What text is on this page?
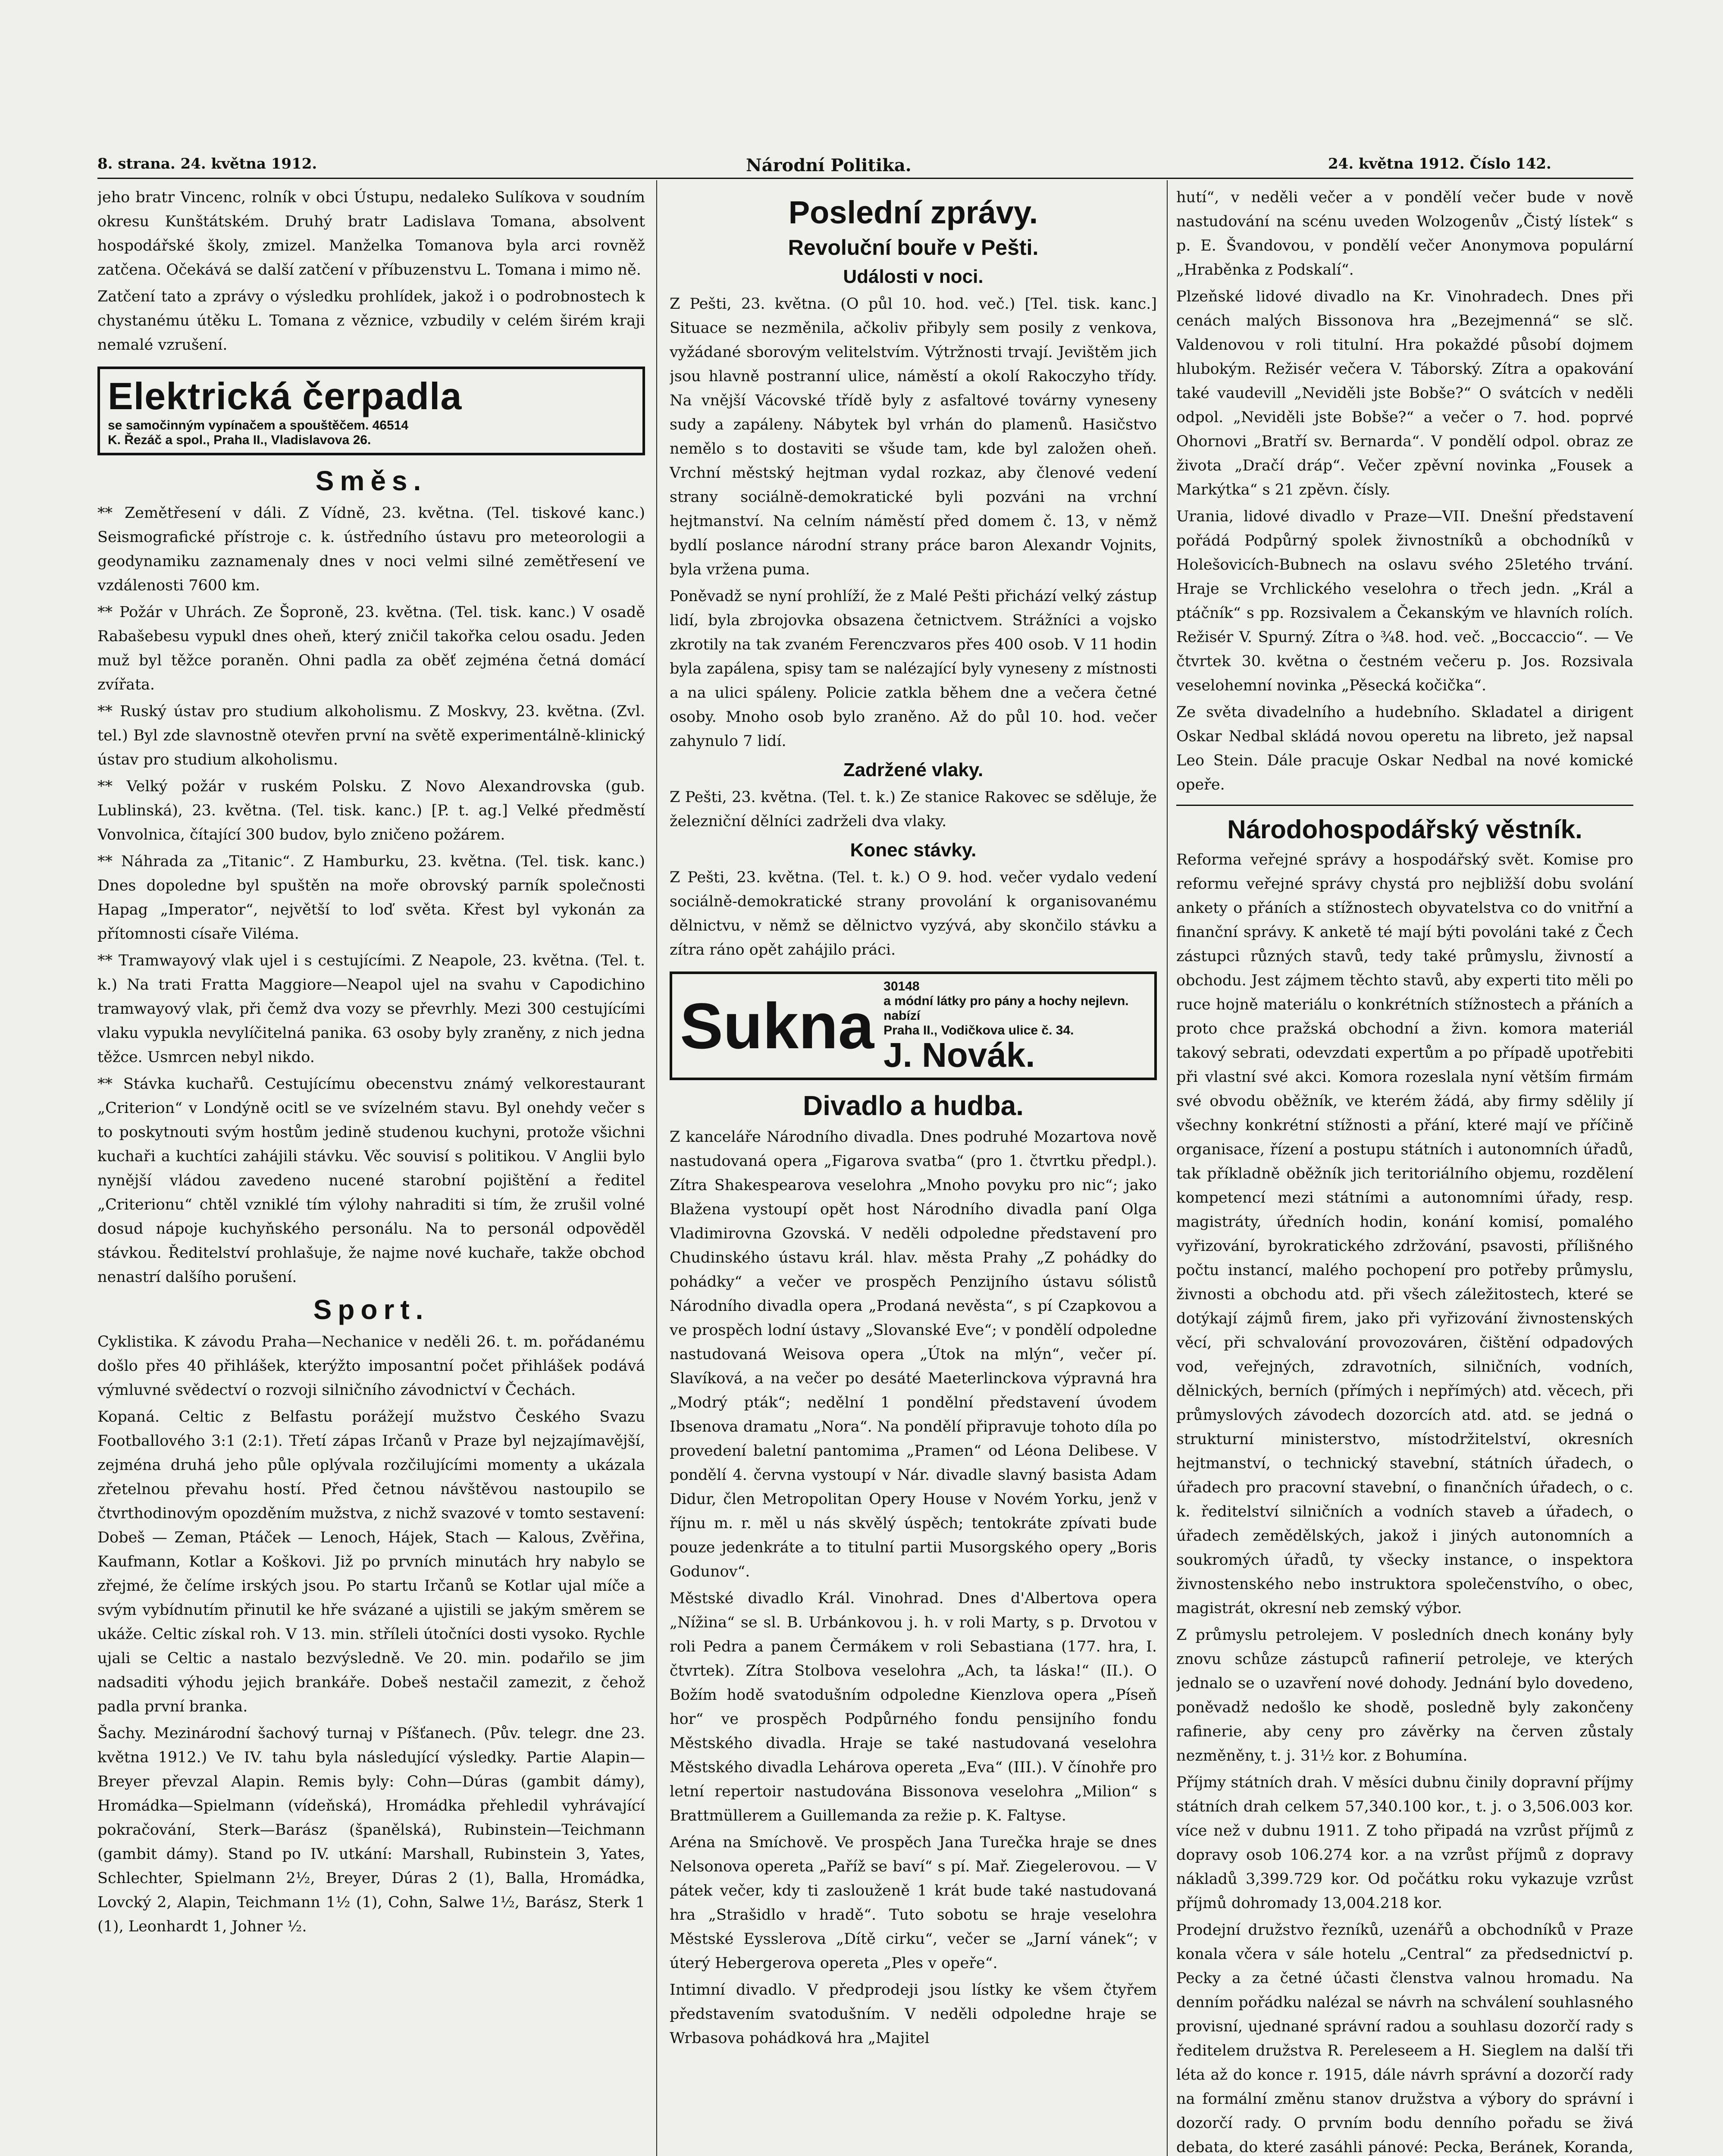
8. strana. 24. května 1912.	Národní Politika.	24. května 1912. Číslo 142.

jeho bratr Vincenc, rolník v obci Ústupu, nedaleko Sulíkova v soudním okresu Kunštátském. Druhý bratr Ladislava Tomana, absolvent hospodářské školy, zmizel. Manželka Tomanova byla arci rovněž zatčena. Očekává se další zatčení v příbuzenstvu L. Tomana i mimo ně.

Zatčení tato a zprávy o výsledku prohlídek, jakož i o podrobnostech k chystanému útěku L. Tomana z věznice, vzbudily v celém širém kraji nemalé vzrušení.

Elektrická čerpadla
se samočinným vypínačem a spouštěčem. 46514
K. Řezáč a spol., Praha II., Vladislavova 26.
Směs.

** Zemětřesení v dáli. Z Vídně, 23. května. (Tel. tiskové kanc.) Seismografické přístroje c. k. ústředního ústavu pro meteorologii a geodynamiku zaznamenaly dnes v noci velmi silné zemětřesení ve vzdálenosti 7600 km.

** Požár v Uhrách. Ze Šoproně, 23. května. (Tel. tisk. kanc.) V osadě Rabašebesu vypukl dnes oheň, který zničil takořka celou osadu. Jeden muž byl těžce poraněn. Ohni padla za oběť zejména četná domácí zvířata.

** Ruský ústav pro studium alkoholismu. Z Moskvy, 23. května. (Zvl. tel.) Byl zde slavnostně otevřen první na světě experimentálně-klinický ústav pro studium alkoholismu.

** Velký požár v ruském Polsku. Z Novo Alexandrovska (gub. Lublinská), 23. května. (Tel. tisk. kanc.) [P. t. ag.] Velké předměstí Vonvolnica, čítající 300 budov, bylo zničeno požárem.

** Náhrada za „Titanic“. Z Hamburku, 23. května. (Tel. tisk. kanc.) Dnes dopoledne byl spuštěn na moře obrovský parník společnosti Hapag „Imperator“, největší to loď světa. Křest byl vykonán za přítomnosti císaře Viléma.

** Tramwayový vlak ujel i s cestujícími. Z Neapole, 23. května. (Tel. t. k.) Na trati Fratta Maggiore—Neapol ujel na svahu v Capodichino tramwayový vlak, při čemž dva vozy se převrhly. Mezi 300 cestujícími vlaku vypukla nevylíčitelná panika. 63 osoby byly zraněny, z nich jedna těžce. Usmrcen nebyl nikdo.

** Stávka kuchařů. Cestujícímu obecenstvu známý velkorestaurant „Criterion“ v Londýně ocitl se ve svízelném stavu. Byl onehdy večer s to poskytnouti svým hostům jedině studenou kuchyni, protože všichni kuchaři a kuchtíci zahájili stávku. Věc souvisí s politikou. V Anglii bylo nynější vládou zavedeno nucené starobní pojištění a ředitel „Criterionu“ chtěl vzniklé tím výlohy nahraditi si tím, že zrušil volné dosud nápoje kuchyňského personálu. Na to personál odpověděl stávkou. Ředitelství prohlašuje, že najme nové kuchaře, takže obchod nenastrí dalšího porušení.

Sport.

Cyklistika. K závodu Praha—Nechanice v neděli 26. t. m. pořádanému došlo přes 40 přihlášek, kterýžto imposantní počet přihlášek podává výmluvné svědectví o rozvoji silničního závodnictví v Čechách.

Kopaná. Celtic z Belfastu porážejí mužstvo Českého Svazu Footballového 3:1 (2:1). Třetí zápas Irčanů v Praze byl nejzajímavější, zejména druhá jeho půle oplývala rozčilujícími momenty a ukázala zřetelnou převahu hostí. Před četnou návštěvou nastoupilo se čtvrthodinovým opozděním mužstva, z nichž svazové v tomto sestavení: Dobeš — Zeman, Ptáček — Lenoch, Hájek, Stach — Kalous, Zvěřina, Kaufmann, Kotlar a Koškovi. Již po prvních minutách hry nabylo se zřejmé, že čelíme irských jsou. Po startu Irčanů se Kotlar ujal míče a svým vybídnutím přinutil ke hře svázané a ujistili se jakým směrem se ukáže. Celtic získal roh. V 13. min. stříleli útočníci dosti vysoko. Rychle ujali se Celtic a nastalo bezvýsledně. Ve 20. min. podařilo se jim nadsaditi výhodu jejich brankáře. Dobeš nestačil zamezit, z čehož padla první branka.

Šachy. Mezinárodní šachový turnaj v Píšťanech. (Pův. telegr. dne 23. května 1912.) Ve IV. tahu byla následující výsledky. Partie Alapin—Breyer převzal Alapin. Remis byly: Cohn—Dúras (gambit dámy), Hromádka—Spielmann (vídeňská), Hromádka přehledil vyhrávající pokračování, Sterk—Barász (španělská), Rubinstein—Teichmann (gambit dámy). Stand po IV. utkání: Marshall, Rubinstein 3, Yates, Schlechter, Spielmann 2½, Breyer, Dúras 2 (1), Balla, Hromádka, Lovcký 2, Alapin, Teichmann 1½ (1), Cohn, Salwe 1½, Barász, Sterk 1 (1), Leonhardt 1, Johner ½.

Poslední zprávy.
Revoluční bouře v Pešti.
Události v noci.

Z Pešti, 23. května. (O půl 10. hod. več.) [Tel. tisk. kanc.] Situace se nezměnila, ačkoliv přibyly sem posily z venkova, vyžádané sborovým velitelstvím. Výtržnosti trvají. Jevištěm jich jsou hlavně postranní ulice, náměstí a okolí Rakoczyho třídy. Na vnější Vácovské třídě byly z asfaltové továrny vyneseny sudy a zapáleny. Nábytek byl vrhán do plamenů. Hasičstvo nemělo s to dostaviti se všude tam, kde byl založen oheň. Vrchní městský hejtman vydal rozkaz, aby členové vedení strany sociálně-demokratické byli pozváni na vrchní hejtmanství. Na celním náměstí před domem č. 13, v němž bydlí poslance národní strany práce baron Alexandr Vojnits, byla vržena puma.

Poněvadž se nyní prohlíží, že z Malé Pešti přichází velký zástup lidí, byla zbrojovka obsazena četnictvem. Strážníci a vojsko zkrotily na tak zvaném Ferenczvaros přes 400 osob. V 11 hodin byla zapálena, spisy tam se nalézající byly vyneseny z místnosti a na ulici spáleny. Policie zatkla během dne a večera četné osoby. Mnoho osob bylo zraněno. Až do půl 10. hod. večer zahynulo 7 lidí.

Zadržené vlaky.

Z Pešti, 23. května. (Tel. t. k.) Ze stanice Rakovec se sděluje, že železniční dělníci zadrželi dva vlaky.

Konec stávky.

Z Pešti, 23. května. (Tel. t. k.) O 9. hod. večer vydalo vedení sociálně-demokratické strany provolání k organisovanému dělnictvu, v němž se dělnictvo vyzývá, aby skončilo stávku a zítra ráno opět zahájilo práci.

Sukna
30148
a módní látky pro pány a hochy nejlevn. nabízí
Praha II., Vodičkova ulice č. 34.
J. Novák.
Divadlo a hudba.

Z kanceláře Národního divadla. Dnes podruhé Mozartova nově nastudovaná opera „Figarova svatba“ (pro 1. čtvrtku předpl.). Zítra Shakespearova veselohra „Mnoho povyku pro nic“; jako Blažena vystoupí opět host Národního divadla paní Olga Vladimirovna Gzovská. V neděli odpoledne představení pro Chudinského ústavu král. hlav. města Prahy „Z pohádky do pohádky“ a večer ve prospěch Penzijního ústavu sólistů Národního divadla opera „Prodaná nevěsta“, s pí Czapkovou a ve prospěch lodní ústavy „Slovanské Eve“; v pondělí odpoledne nastudovaná Weisova opera „Útok na mlýn“, večer pí. Slavíková, a na večer po desáté Maeterlinckova výpravná hra „Modrý pták“; nedělní 1 pondělní představení úvodem Ibsenova dramatu „Nora“. Na pondělí připravuje tohoto díla po provedení baletní pantomima „Pramen“ od Léona Delibese. V pondělí 4. června vystoupí v Nár. divadle slavný basista Adam Didur, člen Metropolitan Opery House v Novém Yorku, jenž v říjnu m. r. měl u nás skvělý úspěch; tentokráte zpívati bude pouze jedenkráte a to titulní partii Musorgského opery „Boris Godunov“.

Městské divadlo Král. Vinohrad. Dnes d'Albertova opera „Nížina“ se sl. B. Urbánkovou j. h. v roli Marty, s p. Drvotou v roli Pedra a panem Čermákem v roli Sebastiana (177. hra, I. čtvrtek). Zítra Stolbova veselohra „Ach, ta láska!“ (II.). O Božím hodě svatodušním odpoledne Kienzlova opera „Píseň hor“ ve prospěch Podpůrného fondu pensijního fondu Městského divadla. Hraje se také nastudovaná veselohra Městského divadla Lehárova opereta „Eva“ (III.). V čínohře pro letní repertoir nastudována Bissonova veselohra „Milion“ s Brattmüllerem a Guillemanda za režie p. K. Faltyse.

Aréna na Smíchově. Ve prospěch Jana Turečka hraje se dnes Nelsonova opereta „Paříž se baví“ s pí. Mař. Ziegelerovou. — V pátek večer, kdy ti zaslouženě 1 krát bude také nastudovaná hra „Strašidlo v hradě“. Tuto sobotu se hraje veselohra Městské Eysslerova „Dítě cirku“, večer se „Jarní vánek“; v úterý Hebergerova opereta „Ples v opeře“.

Intimní divadlo. V předprodeji jsou lístky ke všem čtyřem představením svatodušním. V neděli odpoledne hraje se Wrbasova pohádková hra „Majitel

hutí“, v neděli večer a v pondělí večer bude v nově nastudování na scénu uveden Wolzogenův „Čistý lístek“ s p. E. Švandovou, v pondělí večer Anonymova populární „Hraběnka z Podskalí“.

Plzeňské lidové divadlo na Kr. Vinohradech. Dnes při cenách malých Bissonova hra „Bezejmenná“ se slč. Valdenovou v roli titulní. Hra pokaždé působí dojmem hlubokým. Režisér večera V. Táborský. Zítra a opakování také vaudevill „Neviděli jste Bobše?“ O svátcích v neděli odpol. „Neviděli jste Bobše?“ a večer o 7. hod. poprvé Ohornovi „Bratří sv. Bernarda“. V pondělí odpol. obraz ze života „Dračí dráp“. Večer zpěvní novinka „Fousek a Markýtka“ s 21 zpěvn. čísly.

Urania, lidové divadlo v Praze—VII. Dnešní představení pořádá Podpůrný spolek živnostníků a obchodníků v Holešovicích-Bubnech na oslavu svého 25letého trvání. Hraje se Vrchlického veselohra o třech jedn. „Král a ptáčník“ s pp. Rozsivalem a Čekanským ve hlavních rolích. Režisér V. Spurný. Zítra o ¾8. hod. več. „Boccaccio“. — Ve čtvrtek 30. května o čestném večeru p. Jos. Rozsivala veselohemní novinka „Pěsecká kočička“.

Ze světa divadelního a hudebního. Skladatel a dirigent Oskar Nedbal skládá novou operetu na libreto, jež napsal Leo Stein. Dále pracuje Oskar Nedbal na nové komické opeře.

Národohospodářský věstník.

Reforma veřejné správy a hospodářský svět. Komise pro reformu veřejné správy chystá pro nejbližší dobu svolání ankety o přáních a stížnostech obyvatelstva co do vnitřní a finanční správy. K anketě té mají býti povoláni také z Čech zástupci různých stavů, tedy také průmyslu, živností a obchodu. Jest zájmem těchto stavů, aby experti tito měli po ruce hojně materiálu o konkrétních stížnostech a přáních a proto chce pražská obchodní a živn. komora materiál takový sebrati, odevzdati expertům a po případě upotřebiti při vlastní své akci. Komora rozeslala nyní větším firmám své obvodu oběžník, ve kterém žádá, aby firmy sdělily jí všechny konkrétní stížnosti a přání, které mají ve příčině organisace, řízení a postupu státních i autonomních úřadů, tak příkladně oběžník jich teritoriálního objemu, rozdělení kompetencí mezi státními a autonomními úřady, resp. magistráty, úředních hodin, konání komisí, pomalého vyřizování, byrokratického zdržování, psavosti, přílišného počtu instancí, malého pochopení pro potřeby průmyslu, živnosti a obchodu atd. při všech záležitostech, které se dotýkají zájmů firem, jako při vyřizování živnostenských věcí, při schvalování provozováren, čištění odpadových vod, veřejných, zdravotních, silničních, vodních, dělnických, berních (přímých i nepřímých) atd. věcech, při průmyslových závodech dozorcích atd. atd. se jedná o strukturní ministerstvo, místodržitelství, okresních hejtmanství, o technický stavební, státních úřadech, o úřadech pro pracovní stavební, o finančních úřadech, o c. k. ředitelství silničních a vodních staveb a úřadech, o úřadech zemědělských, jakož i jiných autonomních a soukromých úřadů, ty všecky instance, o inspektora živnostenského nebo instruktora společenstvího, o obec, magistrát, okresní neb zemský výbor.

Z průmyslu petrolejem. V posledních dnech konány byly znovu schůze zástupců rafinerií petroleje, ve kterých jednalo se o uzavření nové dohody. Jednání bylo dovedeno, poněvadž nedošlo ke shodě, posledně byly zakončeny rafinerie, aby ceny pro závěrky na červen zůstaly nezměněny, t. j. 31½ kor. z Bohumína.

Příjmy státních drah. V měsíci dubnu činily dopravní příjmy státních drah celkem 57,340.100 kor., t. j. o 3,506.003 kor. více než v dubnu 1911. Z toho připadá na vzrůst příjmů z dopravy osob 106.274 kor. a na vzrůst příjmů z dopravy nákladů 3,399.729 kor. Od počátku roku vykazuje vzrůst příjmů dohromady 13,004.218 kor.

Prodejní družstvo řezníků, uzenářů a obchodníků v Praze konala včera v sále hotelu „Central“ za předsednictví p. Pecky a za četné účasti členstva valnou hromadu. Na denním pořádku nalézal se návrh na schválení souhlasného provisní, ujednané správní radou a souhlasu dozorčí rady s ředitelem družstva R. Pereleseem a H. Sieglem na další tři léta až do konce r. 1915, dále návrh správní a dozorčí rady na formální změnu stanov družstva a výbory do správní i dozorčí rady. O prvním bodu denního pořadu se živá debata, do které zasáhli pánové: Pecka, Beránek, Koranda,
